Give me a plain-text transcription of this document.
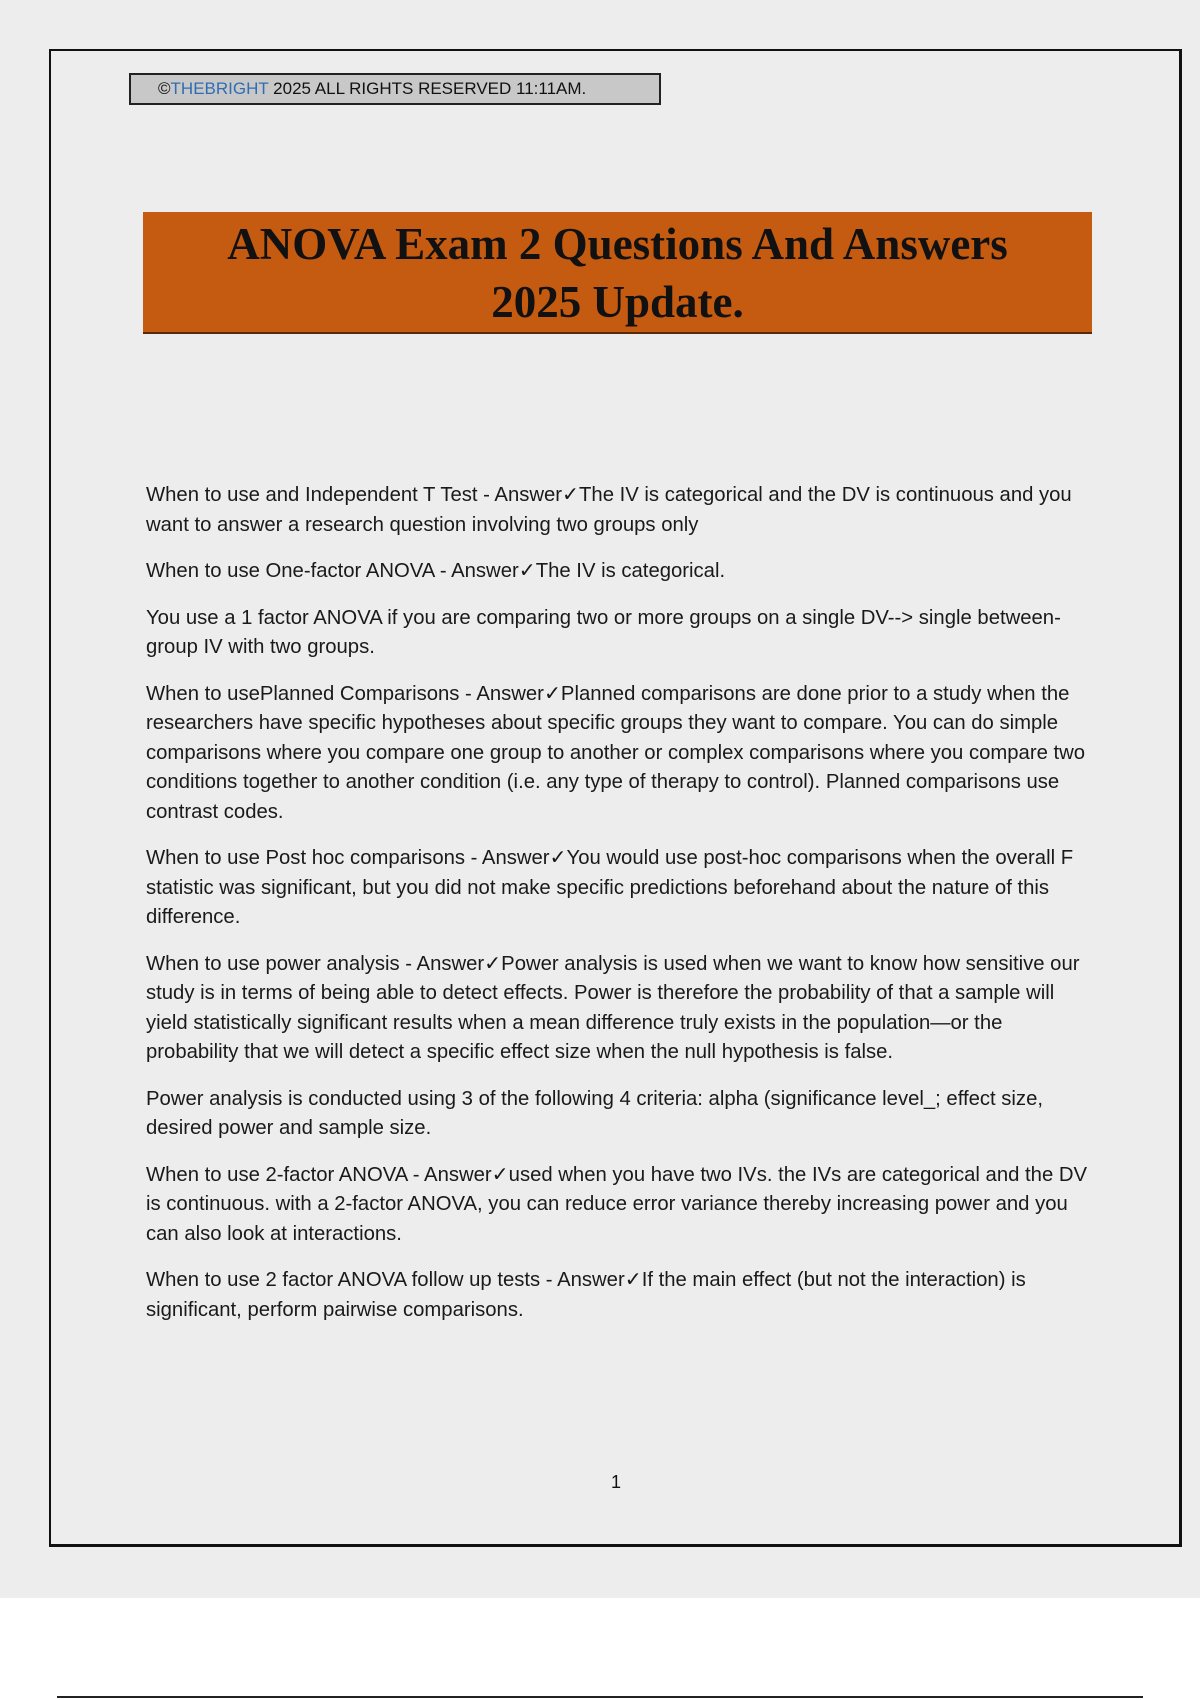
©THEBRIGHT 2025 ALL RIGHTS RESERVED 11:11AM.
ANOVA Exam 2 Questions And Answers
2025 Update.

When to use and Independent T Test - Answer✓The IV is categorical and the DV is continuous and you want to answer a research question involving two groups only

When to use One-factor ANOVA - Answer✓The IV is categorical.

You use a 1 factor ANOVA if you are comparing two or more groups on a single DV--> single between-group IV with two groups.

When to usePlanned Comparisons - Answer✓Planned comparisons are done prior to a study when the researchers have specific hypotheses about specific groups they want to compare. You can do simple comparisons where you compare one group to another or complex comparisons where you compare two conditions together to another condition (i.e. any type of therapy to control). Planned comparisons use contrast codes.

When to use Post hoc comparisons - Answer✓You would use post-hoc comparisons when the overall F statistic was significant, but you did not make specific predictions beforehand about the nature of this difference.

When to use power analysis - Answer✓Power analysis is used when we want to know how sensitive our study is in terms of being able to detect effects. Power is therefore the probability of that a sample will yield statistically significant results when a mean difference truly exists in the population—or the probability that we will detect a specific effect size when the null hypothesis is false.

Power analysis is conducted using 3 of the following 4 criteria: alpha (significance level_; effect size, desired power and sample size.

When to use 2-factor ANOVA - Answer✓used when you have two IVs. the IVs are categorical and the DV is continuous. with a 2-factor ANOVA, you can reduce error variance thereby increasing power and you can also look at interactions.

When to use 2 factor ANOVA follow up tests - Answer✓If the main effect (but not the interaction) is significant, perform pairwise comparisons.

1
